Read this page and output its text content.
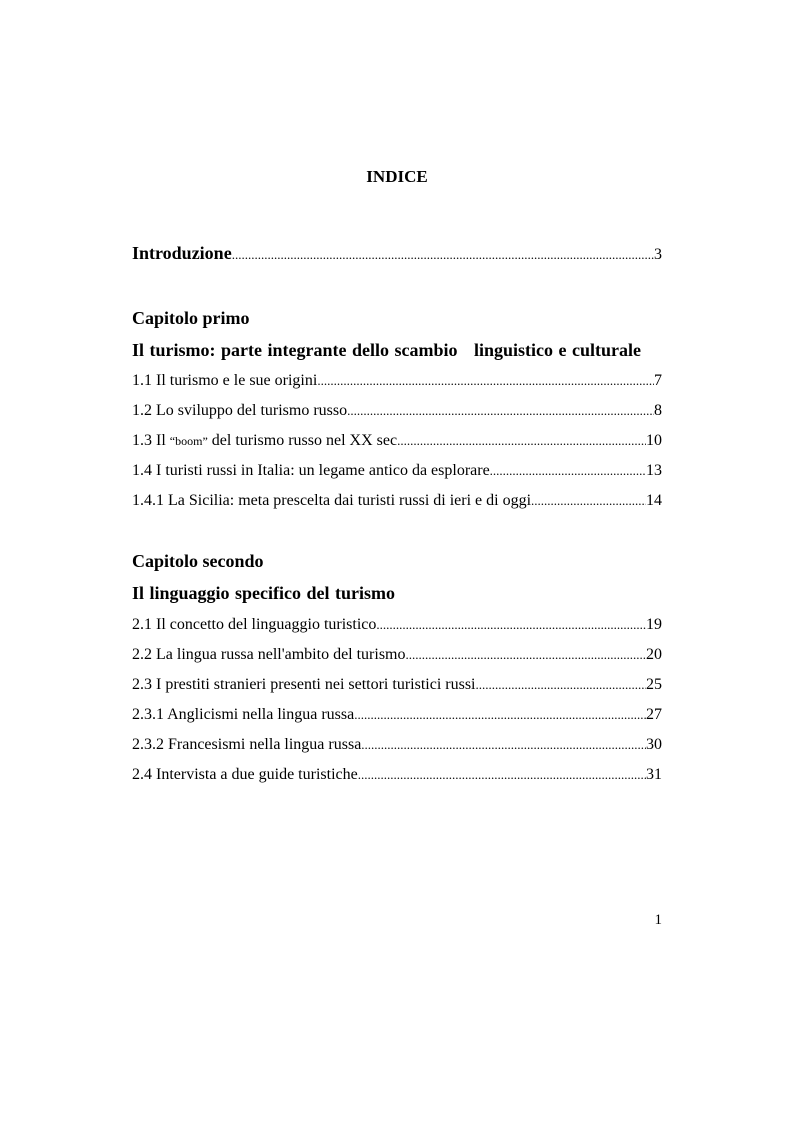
INDICE
Introduzione .....	3
Capitolo primo
Il turismo: parte integrante dello scambio   linguistico e culturale
1.1 Il turismo e le sue origini .....	7
1.2 Lo sviluppo del turismo russo .....	8
1.3 Il “boom” del turismo russo nel XX sec .....	10
1.4 I turisti russi in Italia: un legame antico da esplorare .....	13
1.4.1 La Sicilia: meta prescelta dai turisti russi di ieri e di oggi .....	14
Capitolo secondo
Il linguaggio specifico del turismo
2.1 Il concetto del linguaggio turistico .....	19
2.2 La lingua russa nell'ambito del turismo .....	20
2.3 I prestiti stranieri presenti nei settori turistici russi .....	25
2.3.1 Anglicismi nella lingua russa .....	27
2.3.2 Francesismi nella lingua russa .....	30
2.4 Intervista a due guide turistiche .....	31
1
